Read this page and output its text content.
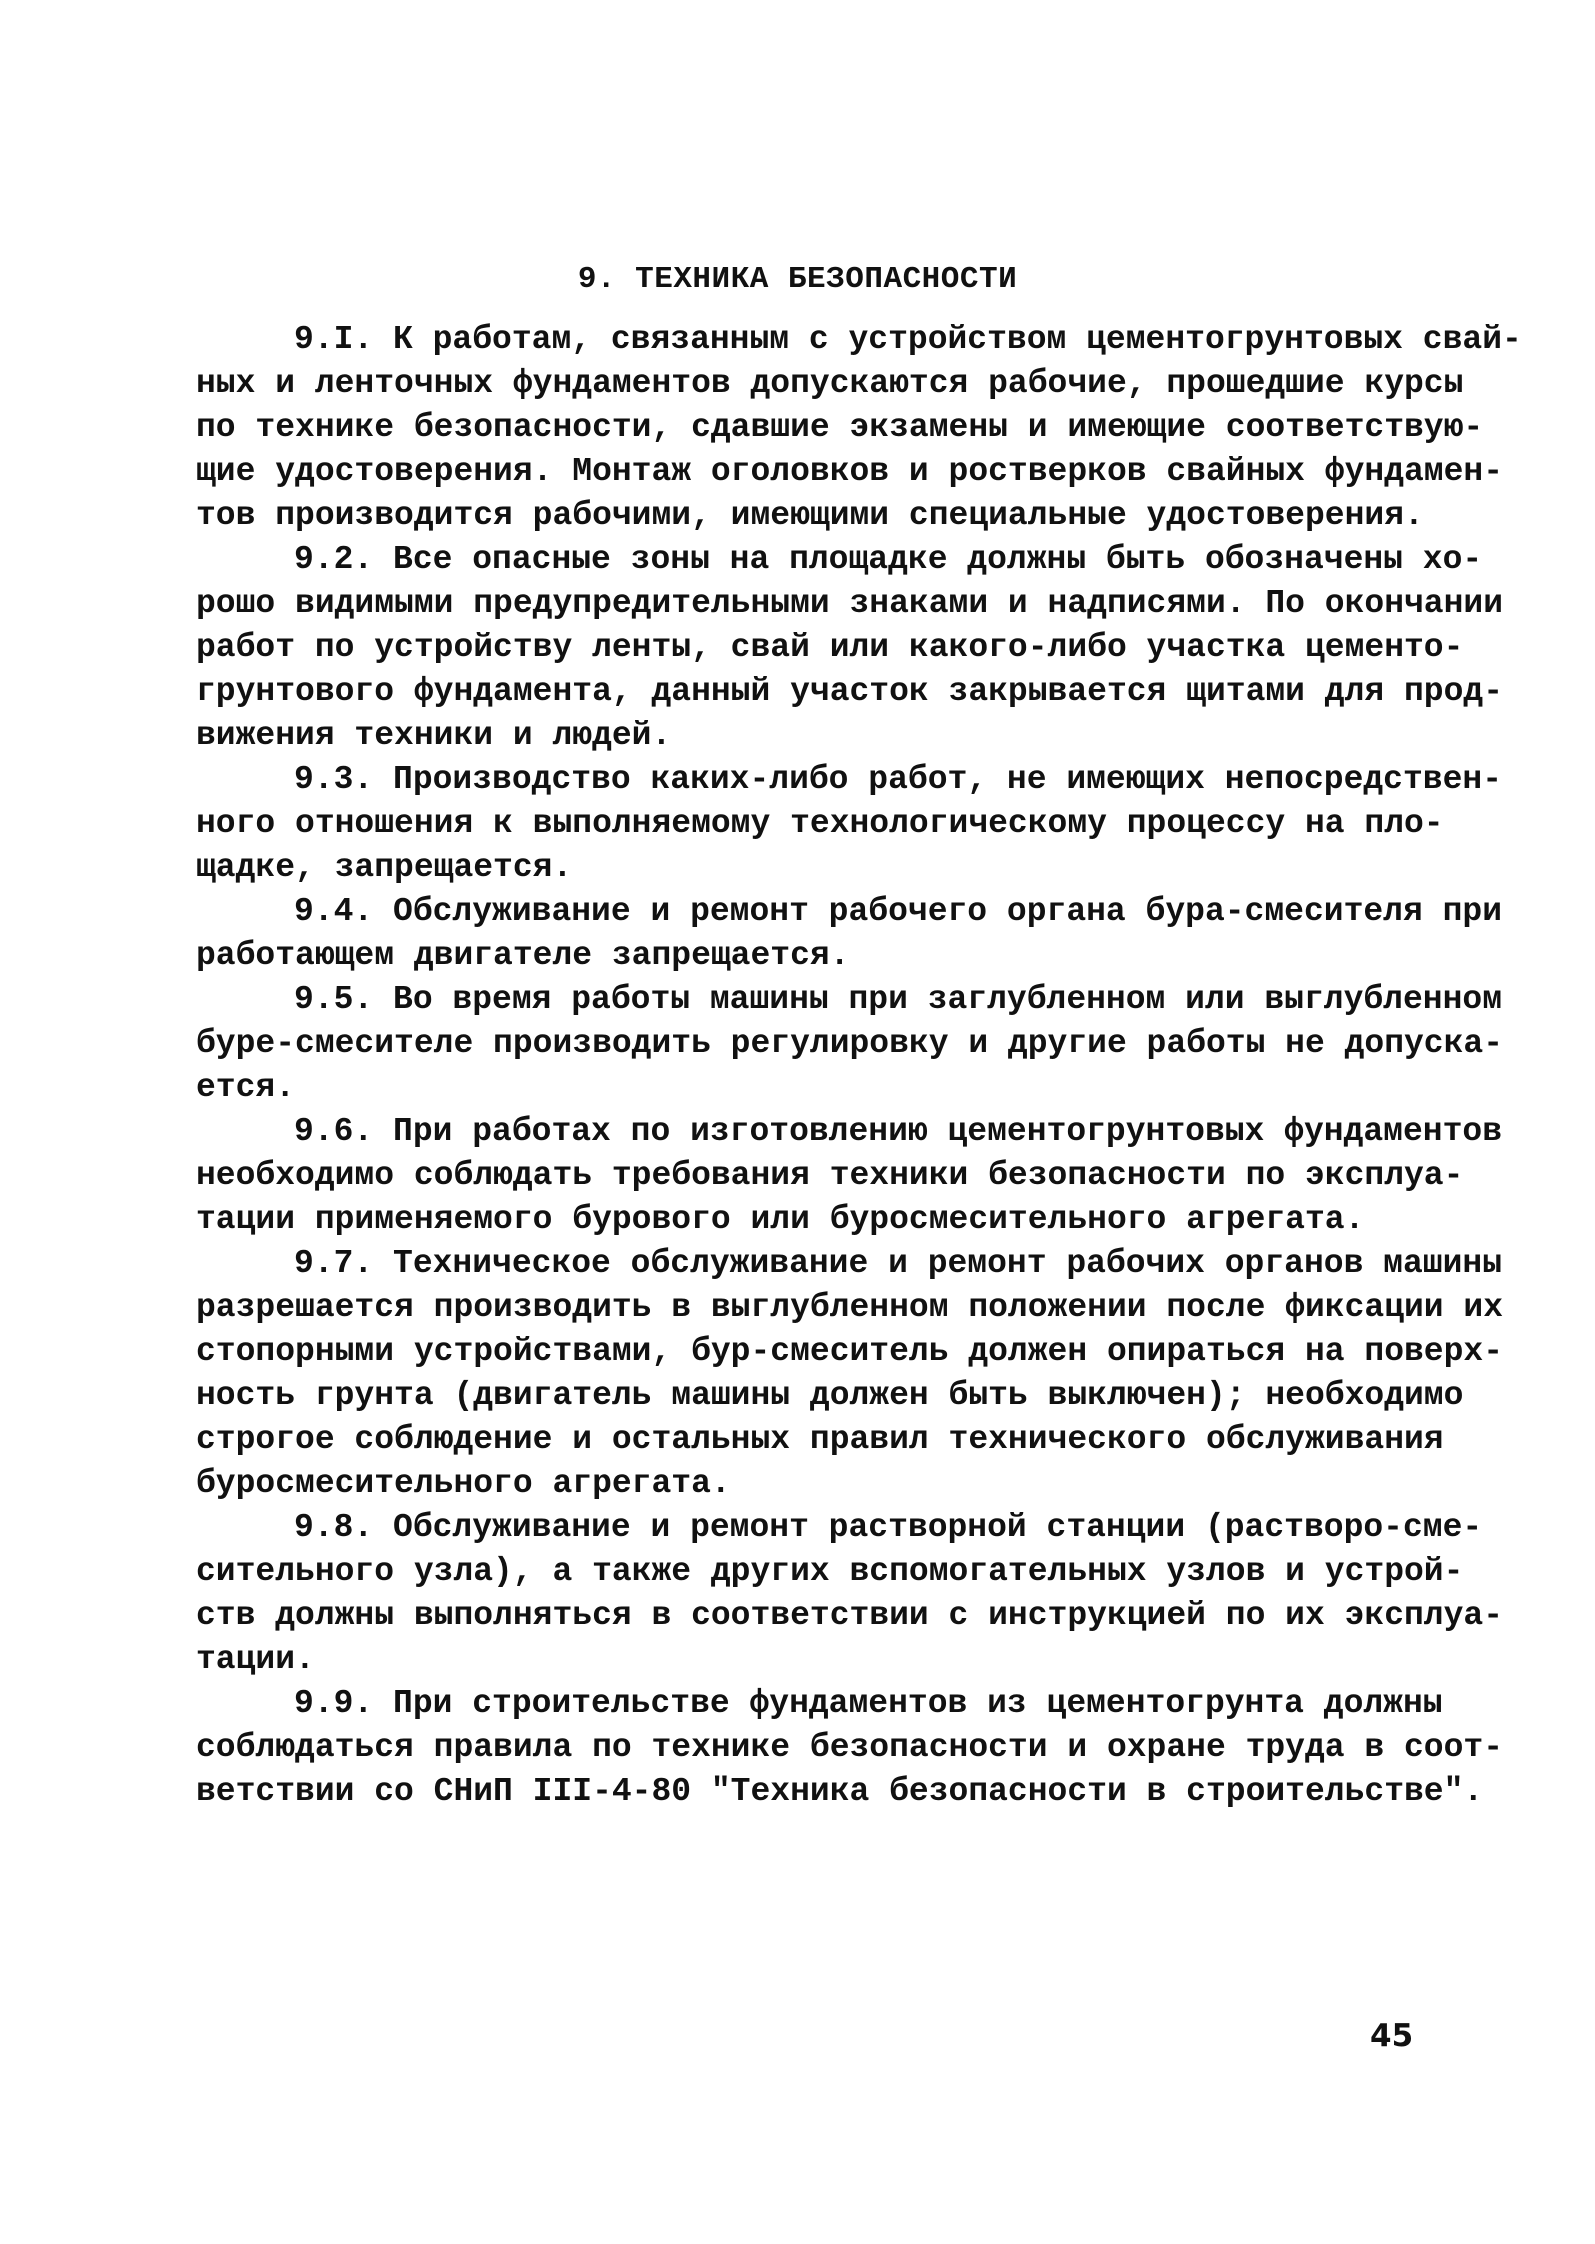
9. ТЕХНИКА БЕЗОПАСНОСТИ
9.I. К работам, связанным с устройством цементогрунтовых свай-
ных и ленточных фундаментов допускаются рабочие, прошедшие курсы
по технике безопасности, сдавшие экзамены и имеющие соответствую-
щие удостоверения. Монтаж оголовков и ростверков свайных фундамен-
тов производится рабочими, имеющими специальные удостоверения.
9.2. Все опасные зоны на площадке должны быть обозначены хо-
рошо видимыми предупредительными знаками и надписями. По окончании
работ по устройству ленты, свай или какого-либо участка цементо-
грунтового фундамента, данный участок закрывается щитами для прод-
вижения техники и людей.
9.3. Производство каких-либо работ, не имеющих непосредствен-
ного отношения к выполняемому технологическому процессу на пло-
щадке, запрещается.
9.4. Обслуживание и ремонт рабочего органа бура-смесителя при
работающем двигателе запрещается.
9.5. Во время работы машины при заглубленном или выглубленном
буре-смесителе производить регулировку и другие работы не допуска-
ется.
9.6. При работах по изготовлению цементогрунтовых фундаментов
необходимо соблюдать требования техники безопасности по эксплуа-
тации применяемого бурового или буросмесительного агрегата.
9.7. Техническое обслуживание и ремонт рабочих органов машины
разрешается производить в выглубленном положении после фиксации их
стопорными устройствами, бур-смеситель должен опираться на поверх-
ность грунта (двигатель машины должен быть выключен); необходимо
строгое соблюдение и остальных правил технического обслуживания
буросмесительного агрегата.
9.8. Обслуживание и ремонт растворной станции (растворо-сме-
сительного узла), а также других вспомогательных узлов и устрой-
ств должны выполняться в соответствии с инструкцией по их эксплуа-
тации.
9.9. При строительстве фундаментов из цементогрунта должны
соблюдаться правила по технике безопасности и охране труда в соот-
ветствии со СНиП III-4-80 "Техника безопасности в строительстве".
45
